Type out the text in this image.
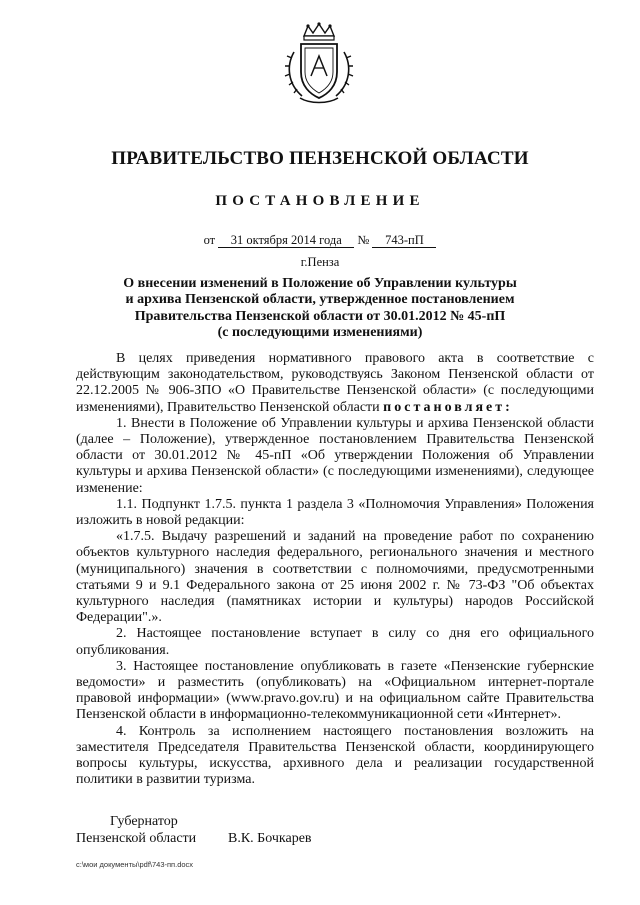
ПРАВИТЕЛЬСТВО ПЕНЗЕНСКОЙ ОБЛАСТИ
ПОСТАНОВЛЕНИЕ
от 31 октября 2014 года № 743-пП
г.Пенза
О внесении изменений в Положение об Управлении культуры
и архива Пензенской области, утвержденное постановлением
Правительства Пензенской области от 30.01.2012 № 45-пП
(с последующими изменениями)

В целях приведения нормативного правового акта в соответствие с действующим законодательством, руководствуясь Законом Пензенской области от 22.12.2005 № 906-ЗПО «О Правительстве Пензенской области» (с последующими изменениями), Правительство Пензенской области постановляет:

1. Внести в Положение об Управлении культуры и архива Пензенской области (далее – Положение), утвержденное постановлением Правительства Пензенской области от 30.01.2012 № 45-пП «Об утверждении Положения об Управлении культуры и архива Пензенской области» (с последующими изменениями), следующее изменение:

1.1. Подпункт 1.7.5. пункта 1 раздела 3 «Полномочия Управления» Положения изложить в новой редакции:

«1.7.5. Выдачу разрешений и заданий на проведение работ по сохранению объектов культурного наследия федерального, регионального значения и местного (муниципального) значения в соответствии с полномочиями, предусмотренными статьями 9 и 9.1 Федерального закона от 25 июня 2002 г. № 73-ФЗ "Об объектах культурного наследия (памятниках истории и культуры) народов Российской Федерации".».

2. Настоящее постановление вступает в силу со дня его официального опубликования.

3. Настоящее постановление опубликовать в газете «Пензенские губернские ведомости» и разместить (опубликовать) на «Официальном интернет-портале правовой информации» (www.pravo.gov.ru) и на официальном сайте Правительства Пензенской области в информационно-телекоммуникационной сети «Интернет».

4. Контроль за исполнением настоящего постановления возложить на заместителя Председателя Правительства Пензенской области, координирующего вопросы культуры, искусства, архивного дела и реализации государственной политики в развитии туризма.

Губернатор
Пензенской области В.К. Бочкарев
c:\мои документы\pdf\743-пп.docx
